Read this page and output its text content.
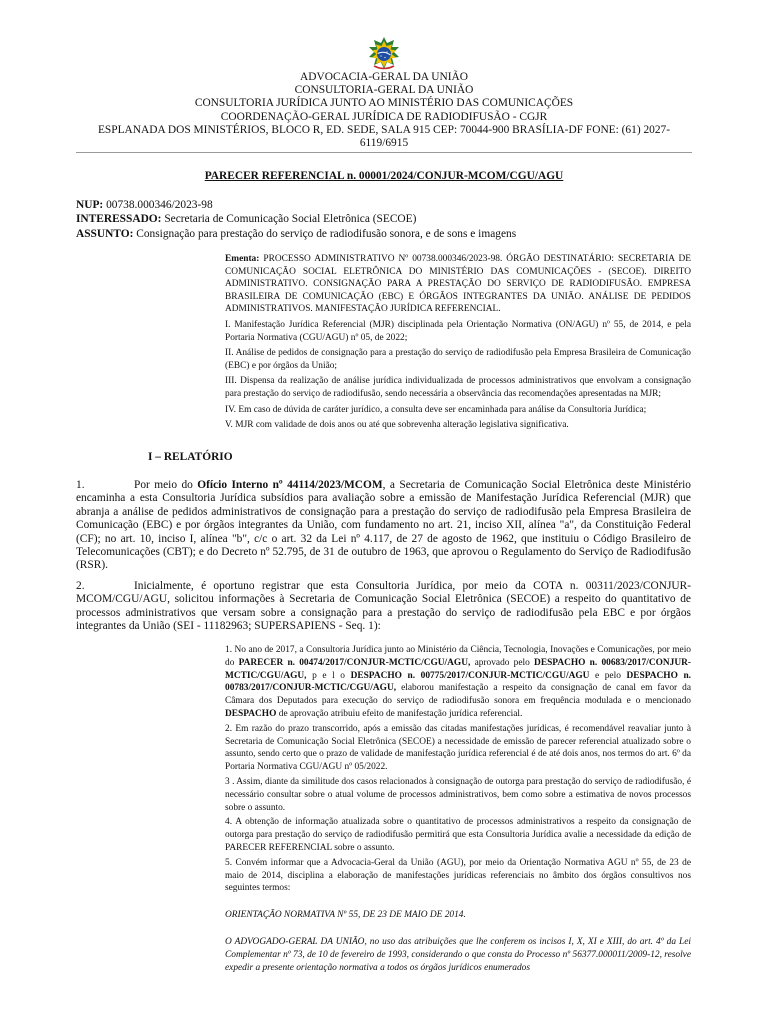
ADVOCACIA-GERAL DA UNIÃO
CONSULTORIA-GERAL DA UNIÃO
CONSULTORIA JURÍDICA JUNTO AO MINISTÉRIO DAS COMUNICAÇÕES
COORDENAÇÃO-GERAL JURÍDICA DE RADIODIFUSÃO - CGJR
ESPLANADA DOS MINISTÉRIOS, BLOCO R, ED. SEDE, SALA 915 CEP: 70044-900 BRASÍLIA-DF FONE: (61) 2027-6119/6915
PARECER REFERENCIAL n. 00001/2024/CONJUR-MCOM/CGU/AGU
NUP: 00738.000346/2023-98
INTERESSADO: Secretaria de Comunicação Social Eletrônica (SECOE)
ASSUNTO: Consignação para prestação do serviço de radiodifusão sonora, e de sons e imagens

Ementa: PROCESSO ADMINISTRATIVO Nº 00738.000346/2023-98. ÓRGÃO DESTINATÁRIO: SECRETARIA DE COMUNICAÇÃO SOCIAL ELETRÔNICA DO MINISTÉRIO DAS COMUNICAÇÕES - (SECOE). DIREITO ADMINISTRATIVO. CONSIGNAÇÃO PARA A PRESTAÇÃO DO SERVIÇO DE RADIODIFUSÃO. EMPRESA BRASILEIRA DE COMUNICAÇÃO (EBC) E ÓRGÃOS INTEGRANTES DA UNIÃO. ANÁLISE DE PEDIDOS ADMINISTRATIVOS. MANIFESTAÇÃO JURÍDICA REFERENCIAL.

I. Manifestação Jurídica Referencial (MJR) disciplinada pela Orientação Normativa (ON/AGU) nº 55, de 2014, e pela Portaria Normativa (CGU/AGU) nº 05, de 2022;

II. Análise de pedidos de consignação para a prestação do serviço de radiodifusão pela Empresa Brasileira de Comunicação (EBC) e por órgãos da União;

III. Dispensa da realização de análise jurídica individualizada de processos administrativos que envolvam a consignação para prestação do serviço de radiodifusão, sendo necessária a observância das recomendações apresentadas na MJR;

IV. Em caso de dúvida de caráter jurídico, a consulta deve ser encaminhada para análise da Consultoria Jurídica;

V. MJR com validade de dois anos ou até que sobrevenha alteração legislativa significativa.

I – RELATÓRIO
1.	Por meio do Ofício Interno nº 44114/2023/MCOM, a Secretaria de Comunicação Social Eletrônica deste Ministério encaminha a esta Consultoria Jurídica subsídios para avaliação sobre a emissão de Manifestação Jurídica Referencial (MJR) que abranja a análise de pedidos administrativos de consignação para a prestação do serviço de radiodifusão pela Empresa Brasileira de Comunicação (EBC) e por órgãos integrantes da União, com fundamento no art. 21, inciso XII, alínea "a", da Constituição Federal (CF); no art. 10, inciso I, alínea "b", c/c o art. 32 da Lei nº 4.117, de 27 de agosto de 1962, que instituiu o Código Brasileiro de Telecomunicações (CBT); e do Decreto nº 52.795, de 31 de outubro de 1963, que aprovou o Regulamento do Serviço de Radiodifusão (RSR).
2.	Inicialmente, é oportuno registrar que esta Consultoria Jurídica, por meio da COTA n. 00311/2023/CONJUR-MCOM/CGU/AGU, solicitou informações à Secretaria de Comunicação Social Eletrônica (SECOE) a respeito do quantitativo de processos administrativos que versam sobre a consignação para a prestação do serviço de radiodifusão pela EBC e por órgãos integrantes da União (SEI - 11182963; SUPERSAPIENS - Seq. 1):

1. No ano de 2017, a Consultoria Jurídica junto ao Ministério da Ciência, Tecnologia, Inovações e Comunicações, por meio do PARECER n. 00474/2017/CONJUR-MCTIC/CGU/AGU, aprovado pelo DESPACHO n. 00683/2017/CONJUR-MCTIC/CGU/AGU, p e l o DESPACHO n. 00775/2017/CONJUR-MCTIC/CGU/AGU e pelo DESPACHO n. 00783/2017/CONJUR-MCTIC/CGU/AGU, elaborou manifestação a respeito da consignação de canal em favor da Câmara dos Deputados para execução do serviço de radiodifusão sonora em frequência modulada e o mencionado DESPACHO de aprovação atribuiu efeito de manifestação jurídica referencial.

2. Em razão do prazo transcorrido, após a emissão das citadas manifestações jurídicas, é recomendável reavaliar junto à Secretaria de Comunicação Social Eletrônica (SECOE) a necessidade de emissão de parecer referencial atualizado sobre o assunto, sendo certo que o prazo de validade de manifestação jurídica referencial é de até dois anos, nos termos do art. 6º da Portaria Normativa CGU/AGU nº 05/2022.

3 . Assim, diante da similitude dos casos relacionados à consignação de outorga para prestação do serviço de radiodifusão, é necessário consultar sobre o atual volume de processos administrativos, bem como sobre a estimativa de novos processos sobre o assunto.

4. A obtenção de informação atualizada sobre o quantitativo de processos administrativos a respeito da consignação de outorga para prestação do serviço de radiodifusão permitirá que esta Consultoria Jurídica avalie a necessidade da edição de PARECER REFERENCIAL sobre o assunto.

5. Convém informar que a Advocacia-Geral da União (AGU), por meio da Orientação Normativa AGU nº 55, de 23 de maio de 2014, disciplina a elaboração de manifestações jurídicas referenciais no âmbito dos órgãos consultivos nos seguintes termos:

ORIENTAÇÃO NORMATIVA Nº 55, DE 23 DE MAIO DE 2014.

O ADVOGADO-GERAL DA UNIÃO, no uso das atribuições que lhe conferem os incisos I, X, XI e XIII, do art. 4º da Lei Complementar nº 73, de 10 de fevereiro de 1993, considerando o que consta do Processo nº 56377.000011/2009-12, resolve expedir a presente orientação normativa a todos os órgãos jurídicos enumerados
